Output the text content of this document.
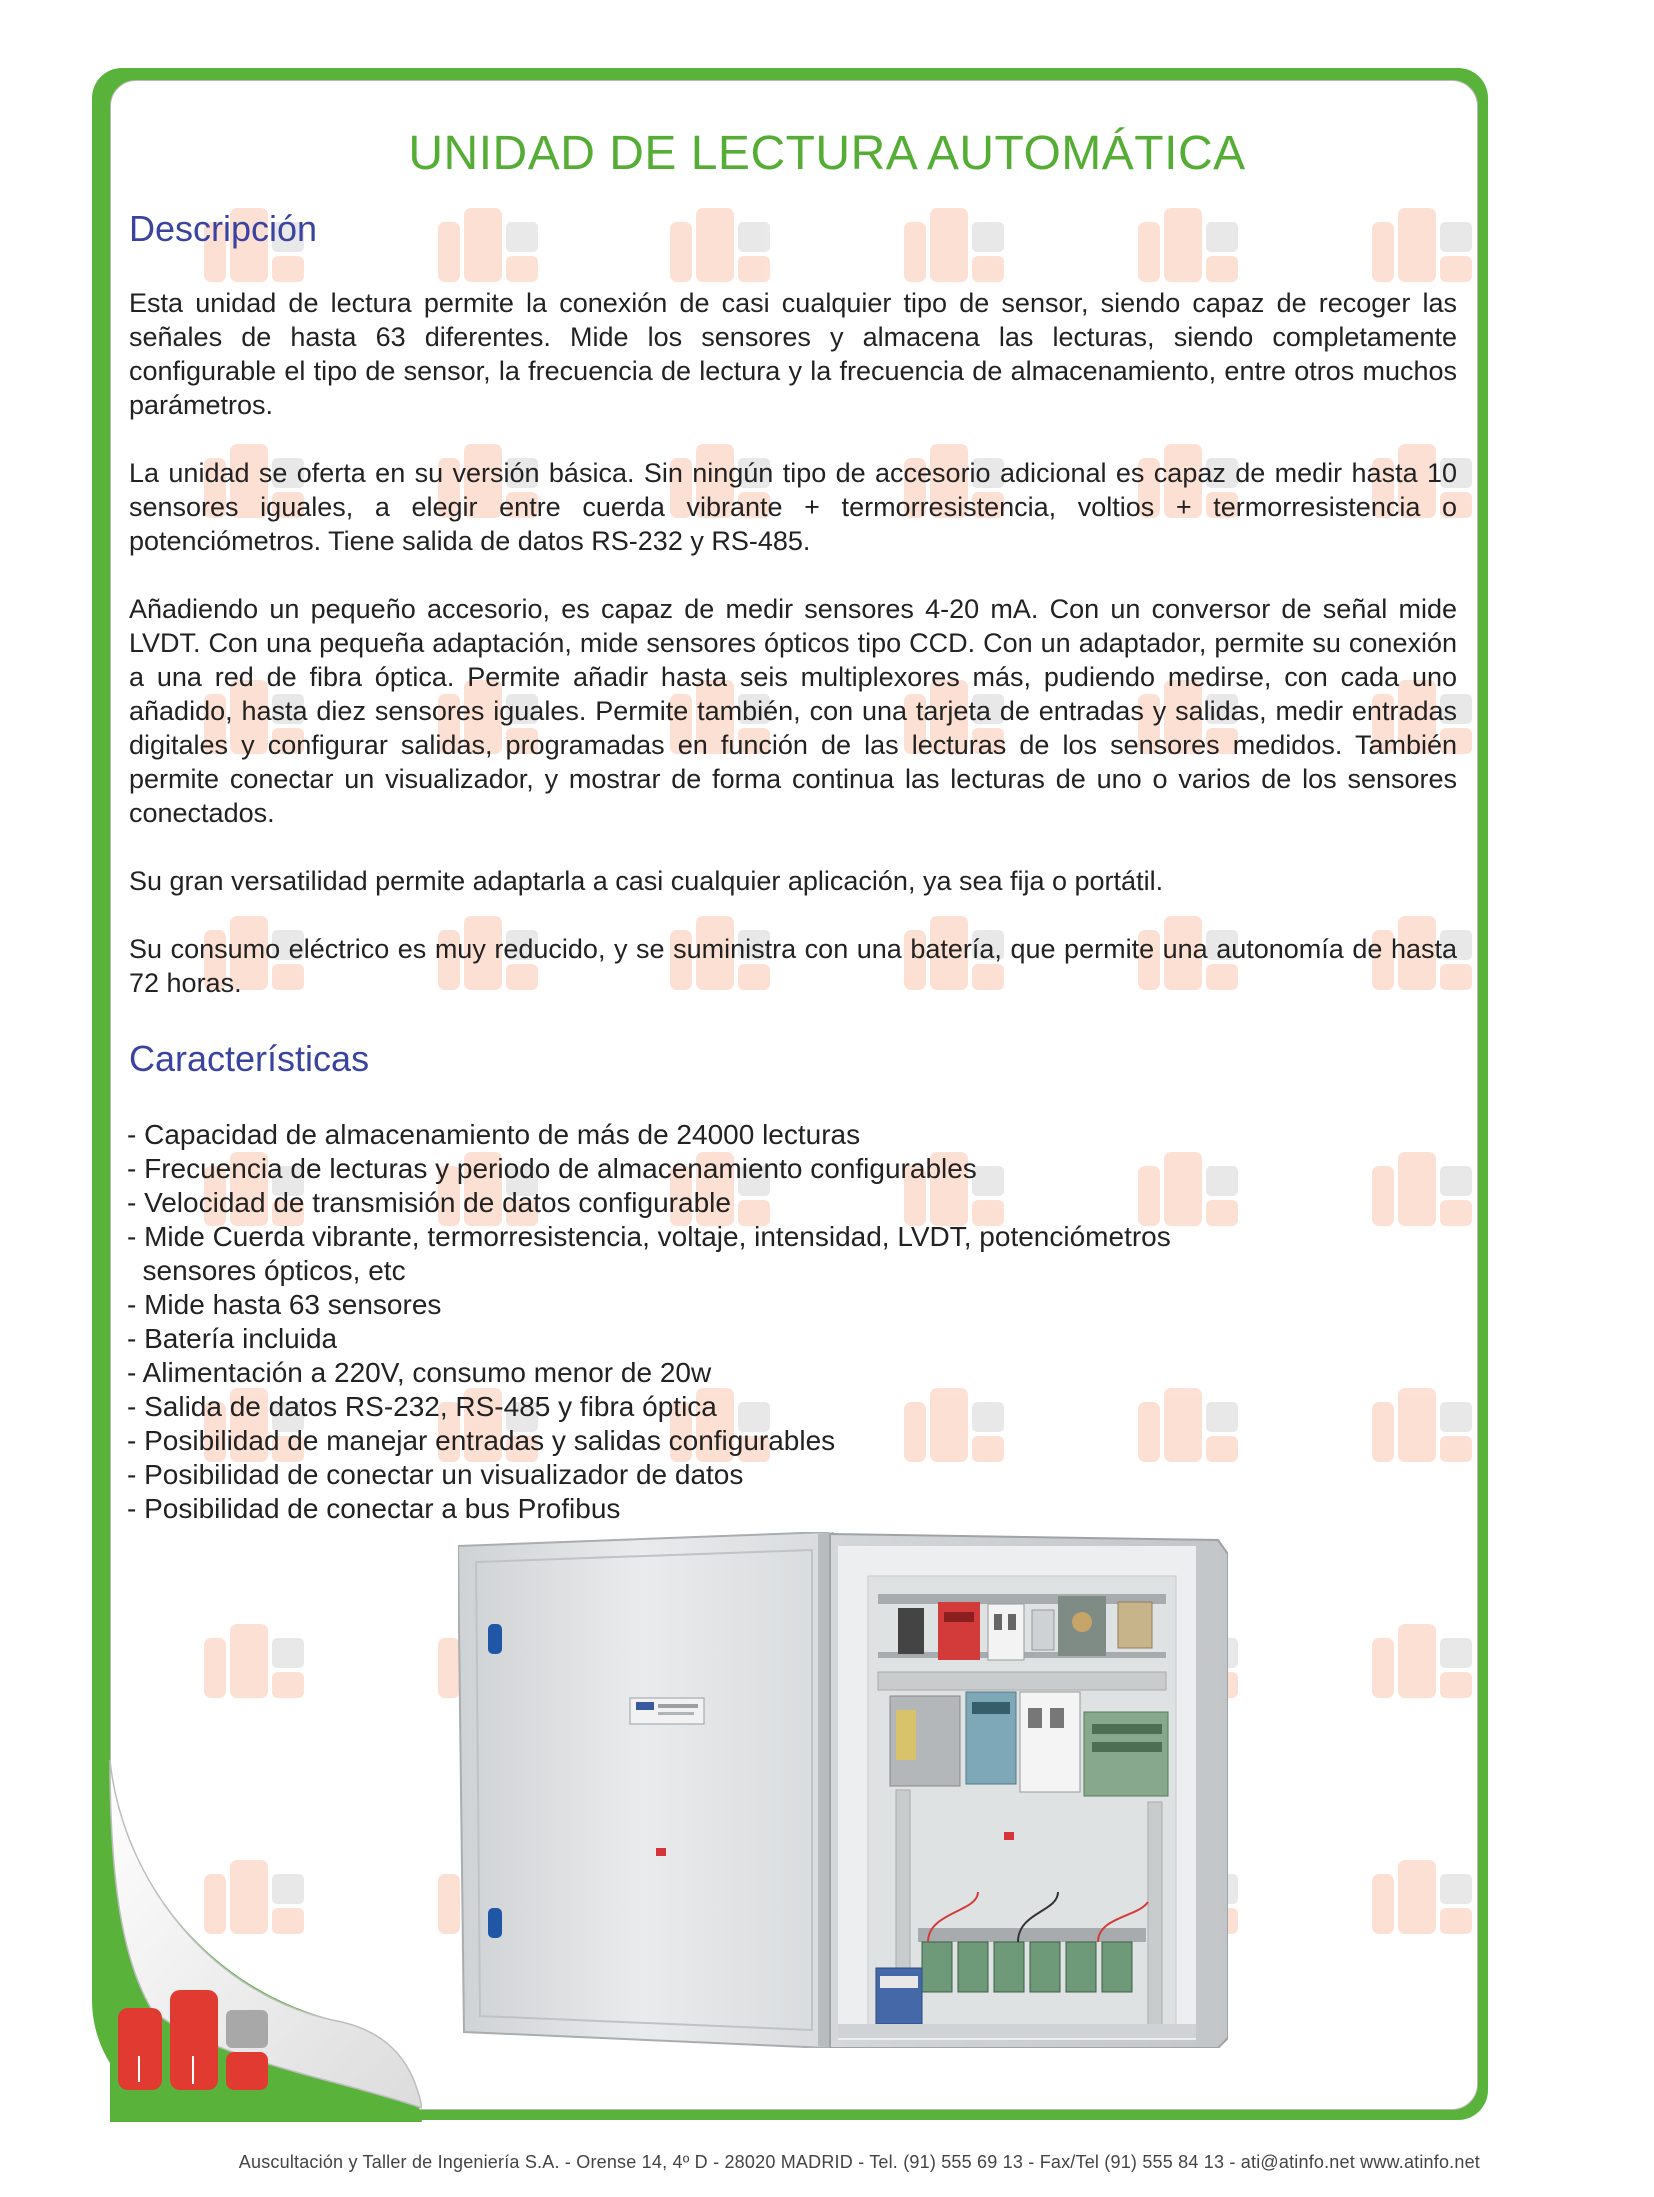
UNIDAD DE LECTURA AUTOMÁTICA
Descripción

Esta unidad de lectura permite la conexión de casi cualquier tipo de sensor, siendo capaz de recoger las señales de hasta 63 diferentes. Mide los sensores y almacena las lecturas, siendo completamente configurable el tipo de sensor, la frecuencia de lectura y la frecuencia de almacenamiento, entre otros muchos parámetros.

La unidad se oferta en su versión básica. Sin ningún tipo de accesorio adicional es capaz de medir hasta 10 sensores iguales, a elegir entre cuerda vibrante + termorresistencia, voltios + termorresistencia o potenciómetros. Tiene salida de datos RS-232 y RS-485.

Añadiendo un pequeño accesorio, es capaz de medir sensores 4-20 mA. Con un conversor de señal mide LVDT. Con una pequeña adaptación, mide sensores ópticos tipo CCD. Con un adaptador, permite su conexión a una red de fibra óptica. Permite añadir hasta seis multiplexores más, pudiendo medirse, con cada uno añadido, hasta diez sensores iguales. Permite también, con una tarjeta de entradas y salidas, medir entradas digitales y configurar salidas, programadas en función de las lecturas de los sensores medidos. También permite conectar un visualizador, y mostrar de forma continua las lecturas de uno o varios de los sensores conectados.

Su gran versatilidad permite adaptarla a casi cualquier aplicación, ya sea fija o portátil.

Su consumo eléctrico es muy reducido, y se suministra con una batería, que permite una autonomía de hasta 72 horas.

Características
- Capacidad de almacenamiento de más de 24000 lecturas
- Frecuencia de lecturas y periodo de almacenamiento configurables
- Velocidad de transmisión de datos configurable
- Mide Cuerda vibrante, termorresistencia, voltaje, intensidad, LVDT, potenciómetros
sensores ópticos, etc
- Mide hasta 63 sensores
- Batería incluida
- Alimentación a 220V, consumo menor de 20w
- Salida de datos RS-232, RS-485 y fibra óptica
- Posibilidad de manejar entradas y salidas configurables
- Posibilidad de conectar un visualizador de datos
- Posibilidad de conectar a bus Profibus
Auscultación y Taller de Ingeniería S.A. - Orense 14, 4º D - 28020 MADRID - Tel. (91) 555 69 13 - Fax/Tel (91) 555 84 13 - ati@atinfo.net www.atinfo.net
